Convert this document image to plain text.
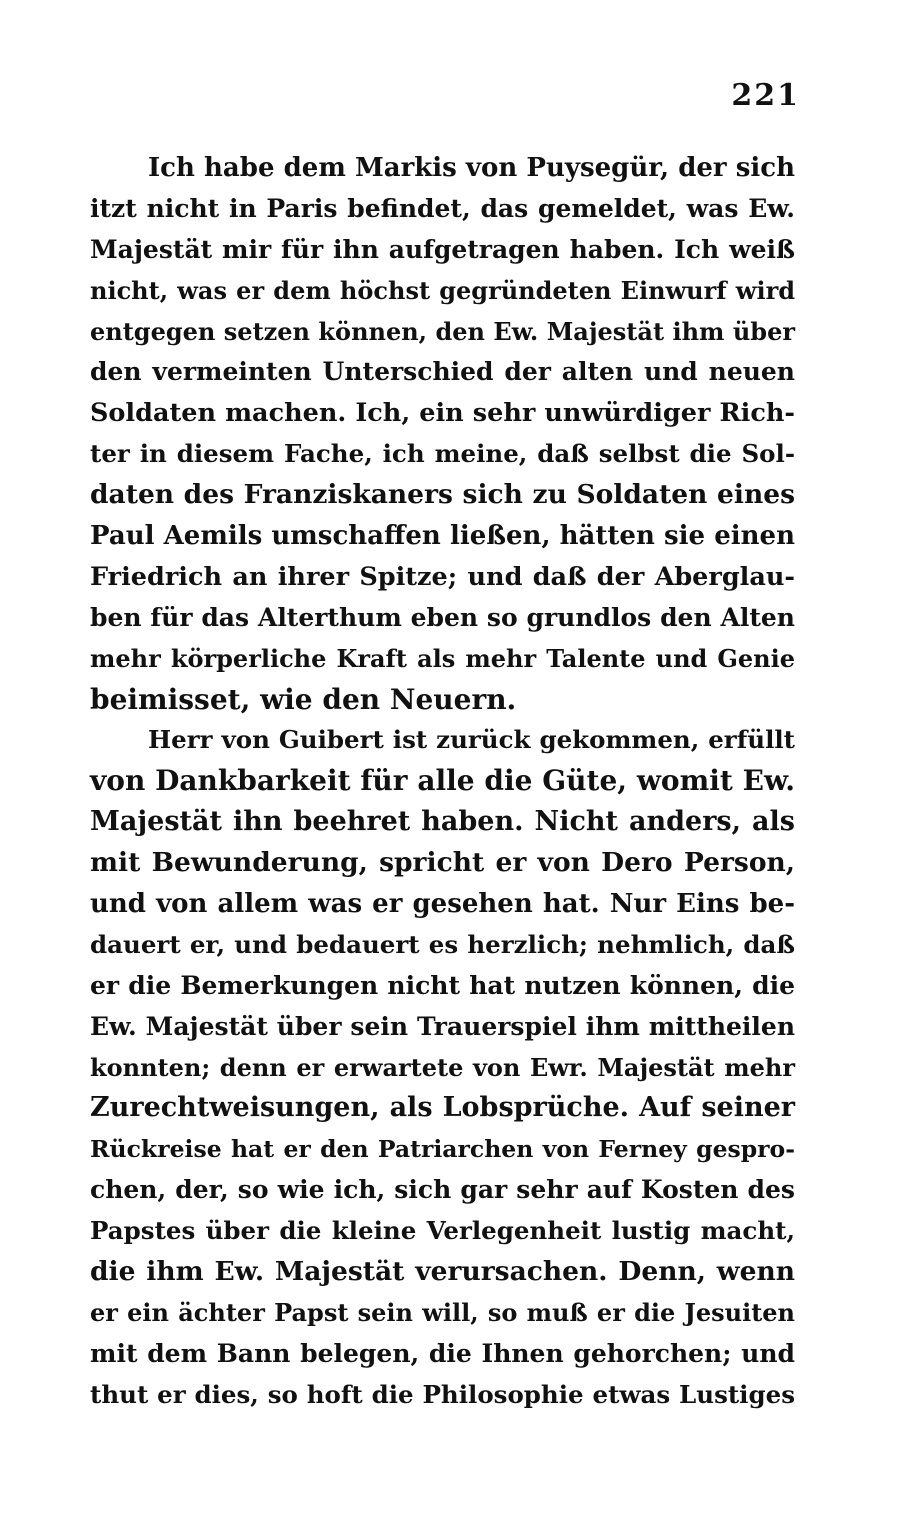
221
Ich habe dem Markis von Puysegür, der sich
itzt nicht in Paris befindet, das gemeldet, was Ew.
Majestät mir für ihn aufgetragen haben. Ich weiß
nicht, was er dem höchst gegründeten Einwurf wird
entgegen setzen können, den Ew. Majestät ihm über
den vermeinten Unterschied der alten und neuen
Soldaten machen. Ich, ein sehr unwürdiger Rich-
ter in diesem Fache, ich meine, daß selbst die Sol-
daten des Franziskaners sich zu Soldaten eines
Paul Aemils umschaffen ließen, hätten sie einen
Friedrich an ihrer Spitze; und daß der Aberglau-
ben für das Alterthum eben so grundlos den Alten
mehr körperliche Kraft als mehr Talente und Genie
beimisset, wie den Neuern.
Herr von Guibert ist zurück gekommen, erfüllt
von Dankbarkeit für alle die Güte, womit Ew.
Majestät ihn beehret haben. Nicht anders, als
mit Bewunderung, spricht er von Dero Person,
und von allem was er gesehen hat. Nur Eins be-
dauert er, und bedauert es herzlich; nehmlich, daß
er die Bemerkungen nicht hat nutzen können, die
Ew. Majestät über sein Trauerspiel ihm mittheilen
konnten; denn er erwartete von Ewr. Majestät mehr
Zurechtweisungen, als Lobsprüche. Auf seiner
Rückreise hat er den Patriarchen von Ferney gespro-
chen, der, so wie ich, sich gar sehr auf Kosten des
Papstes über die kleine Verlegenheit lustig macht,
die ihm Ew. Majestät verursachen. Denn, wenn
er ein ächter Papst sein will, so muß er die Jesuiten
mit dem Bann belegen, die Ihnen gehorchen; und
thut er dies, so hoft die Philosophie etwas Lustiges
